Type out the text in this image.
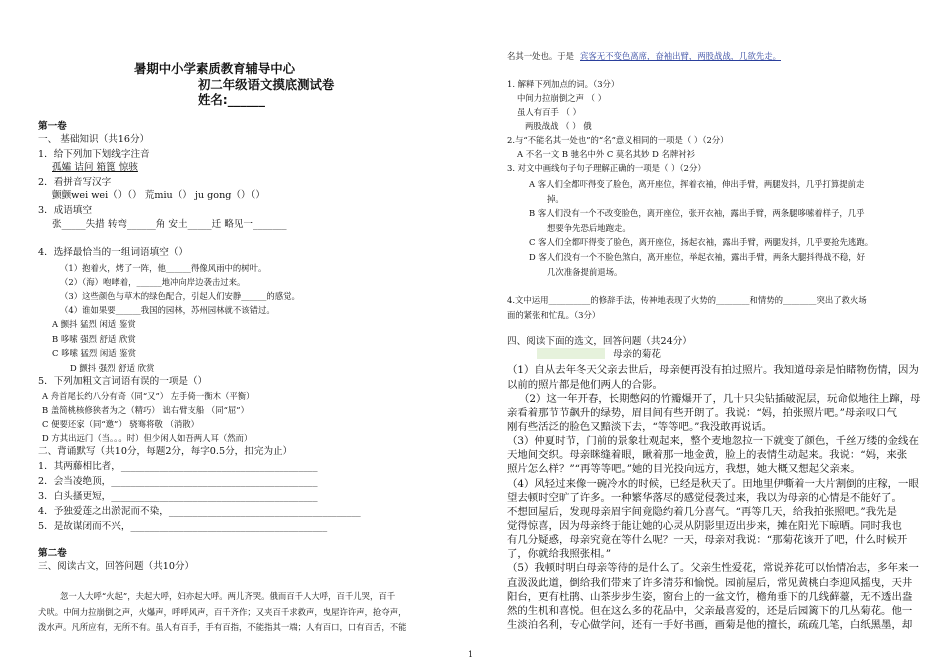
暑期中小学素质教育辅导中心
初二年级语文摸底测试卷
姓名:______
第一卷
一、 基础知识（共16分）
1．给下列加下划线字注音
孤孀 诘问 箱篦 惊骇
2．看拼音写汉字
颤颤wei wei（）（） 荒miu（） ju gong（）（）
3．成语填空
张_____失措 转弯______角 安土_____迁 略见一_______
4．选择最恰当的一组词语填空（）
（1）抱着火，烤了一阵，他______得像风雨中的树叶。
（2）（海）咆哮着，______地冲向岸边袭击过来。
（3）这些颜色与草木的绿色配合，引起人们安静______的感觉。
（4）谁如果要______我国的园林，苏州园林就不该错过。
A 颤抖 猛烈 闲适 鉴赏
B 哆嗦 强烈 舒适 欣赏
C 哆嗦 猛烈 闲适 鉴赏
D 颤抖 强烈 舒适 欣赏
5．下列加粗文言词语有误的一项是（）
A 舟首尾长约八分有奇（同“又”） 左手倚一衡木（平衡）
B 盖简桃核修狭者为之（精巧） 诎右臂支船 （同“屈”）
C 便要还家（同“邀”） 骁骞将敬 （消散）
D 方其出远门（当。。。时）但少闲人如吾两人耳（然而）
二、背诵默写（共10分，每题2分，每字0.5分，扣完为止）
1．其两藤相比者，_________________________________________
2．会当凌绝顶，___________________________________________
3．白头搔更短，___________________________________________
4．予独爱莲之出淤泥而不染，________________________________________
5．是故谋闭而不兴，_________________________________________
第二卷
三、阅读古文，回答问题（共10分）
忽一人大呼“火起”，夫起大呼，妇亦起大呼。两儿齐哭。俄而百千人大呼，百千儿哭，百千
犬吠。中间力拉崩倒之声，火爆声，呼呼风声，百千齐作；又夹百千求救声，曳屋许许声，抢夺声，
泼水声。凡所应有，无所不有。虽人有百手，手有百指，不能指其一端；人有百口，口有百舌，不能
名其一处也。于是 宾客无不变色离席，奋袖出臂，两股战战，几欲先走。
1. 解释下列加点的词。（3分）
中间力拉崩倒之声 （ ）
虽人有百手 （ ）
两股战战 （ ） 俄
2.与“不能名其一处也”的“名”意义相同的一项是（ ）（2分）
A 不名一文 B 驰名中外 C 莫名其妙 D 名牌衬衫
3. 对文中画线句子句子理解正确的一项是（ ）（2分）
A 客人们全都吓得变了脸色，离开座位，挥着衣袖，伸出手臂，两腿发抖，几乎打算提前走
掉。
B 客人们没有一个不改变脸色，离开座位，张开衣袖，露出手臂，两条腿哆嗦着样子，几乎
想要争先恐后地跑走。
C 客人们全都吓得变了脸色，离开座位，扬起衣袖，露出手臂，两腿发抖，几乎要抢先逃跑。
D 客人们没有一个不脸色煞白，离开座位，举起衣袖，露出手臂，两条大腿抖得战不稳，好
几次准备提前退场。
4.文中运用__________的修辞手法，传神地表现了火势的________和情势的________突出了救火场
面的紧张和忙乱。（3分）
四、阅读下面的选文，回答问题（共24分）
母亲的菊花
（1）自从去年冬天父亲去世后，母亲便再没有拍过照片。我知道母亲是怕睹物伤情，因为
以前的照片都是他们两人的合影。
（2）这一年开春，长期憋闷的竹瓣爆开了，几十只尖钻插破泥层，玩命似地往上蹿，母
亲看着那节节飙升的绿势，眉目间有些开朗了。我说：“妈，拍张照片吧。”母亲叹口气
刚有些活泛的脸色又黯淡下去，“等等吧。”我没敢再说话。
（3）仲夏时节，门前的景象壮观起来，整个麦地忽拉一下就变了颜色，千丝万缕的金线在
天地间交织。母亲眯缝着眼，瞅着那一地金黄，脸上的表情生动起来。我说：“妈，来张
照片怎么样？”“再等等吧。”她的目光投向远方，我想，她大概又想起父亲来。
（4）风轻过来像一碗冷水的时候，已经是秋天了。田地里伊嘶着一大片割倒的庄稼，一眼
望去顿时空旷了许多。一种繁华落尽的感觉侵袭过来，我以为母亲的心情是不能好了。
不想回屋后，发现母亲眉宇间竟隐约着几分喜气。“再等几天，给我拍张照吧。”我先是
觉得惊喜，因为母亲终于能让她的心灵从阴影里迈出步来，摊在阳光下晾晒。同时我也
有几分疑惑，母亲究竟在等什么呢？一天，母亲对我说：“那菊花该开了吧，什么时候开
了，你就给我照张相。”
（5）我顿时明白母亲等待的是什么了。父亲生性爱花，常说养花可以怡情冶志，多年来一
直汲汲此道，倒给我们带来了许多清芬和愉悦。园前屋后，常见黄桃白李迎风摇曳，天井
阳台，更有杜鹃、山茶步步生姿，窗台上的一盆文竹，檐角垂下的几线藓薹，无不透出盎
然的生机和喜悦。但在这么多的花品中，父亲最喜爱的，还是后园篱下的几丛菊花。他一
生淡泊名利，专心做学问，还有一手好书画，画菊是他的擅长，疏疏几笔，白纸黑墨，却
1
